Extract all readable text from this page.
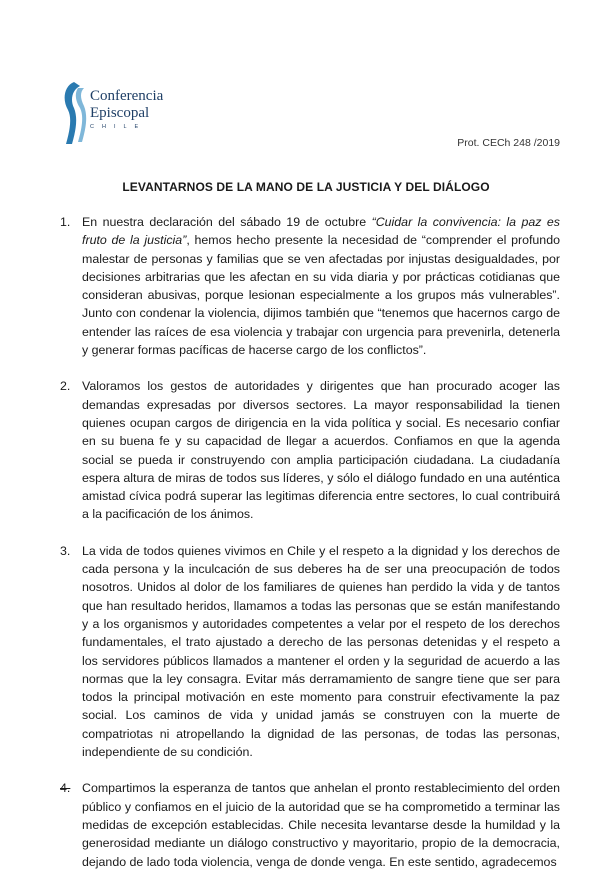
Conferencia
Episcopal
CHILE
Prot. CECh 248 /2019
LEVANTARNOS DE LA MANO DE LA JUSTICIA Y DEL DIÁLOGO
1. En nuestra declaración del sábado 19 de octubre “Cuidar la convivencia: la paz es fruto de la justicia”, hemos hecho presente la necesidad de “comprender el profundo malestar de personas y familias que se ven afectadas por injustas desigualdades, por decisiones arbitrarias que les afectan en su vida diaria y por prácticas cotidianas que consideran abusivas, porque lesionan especialmente a los grupos más vulnerables”. Junto con condenar la violencia, dijimos también que “tenemos que hacernos cargo de entender las raíces de esa violencia y trabajar con urgencia para prevenirla, detenerla y generar formas pacíficas de hacerse cargo de los conflictos”.

2. Valoramos los gestos de autoridades y dirigentes que han procurado acoger las demandas expresadas por diversos sectores. La mayor responsabilidad la tienen quienes ocupan cargos de dirigencia en la vida política y social. Es necesario confiar en su buena fe y su capacidad de llegar a acuerdos. Confiamos en que la agenda social se pueda ir construyendo con amplia participación ciudadana. La ciudadanía espera altura de miras de todos sus líderes, y sólo el diálogo fundado en una auténtica amistad cívica podrá superar las legitimas diferencia entre sectores, lo cual contribuirá a la pacificación de los ánimos.

3. La vida de todos quienes vivimos en Chile y el respeto a la dignidad y los derechos de cada persona y la inculcación de sus deberes ha de ser una preocupación de todos nosotros. Unidos al dolor de los familiares de quienes han perdido la vida y de tantos que han resultado heridos, llamamos a todas las personas que se están manifestando y a los organismos y autoridades competentes a velar por el respeto de los derechos fundamentales, el trato ajustado a derecho de las personas detenidas y el respeto a los servidores públicos llamados a mantener el orden y la seguridad de acuerdo a las normas que la ley consagra. Evitar más derramamiento de sangre tiene que ser para todos la principal motivación en este momento para construir efectivamente la paz social. Los caminos de vida y unidad jamás se construyen con la muerte de compatriotas ni atropellando la dignidad de las personas, de todas las personas, independiente de su condición.

4. Compartimos la esperanza de tantos que anhelan el pronto restablecimiento del orden público y confiamos en el juicio de la autoridad que se ha comprometido a terminar las medidas de excepción establecidas. Chile necesita levantarse desde la humildad y la generosidad mediante un diálogo constructivo y mayoritario, propio de la democracia, dejando de lado toda violencia, venga de donde venga. En este sentido, agradecemos
